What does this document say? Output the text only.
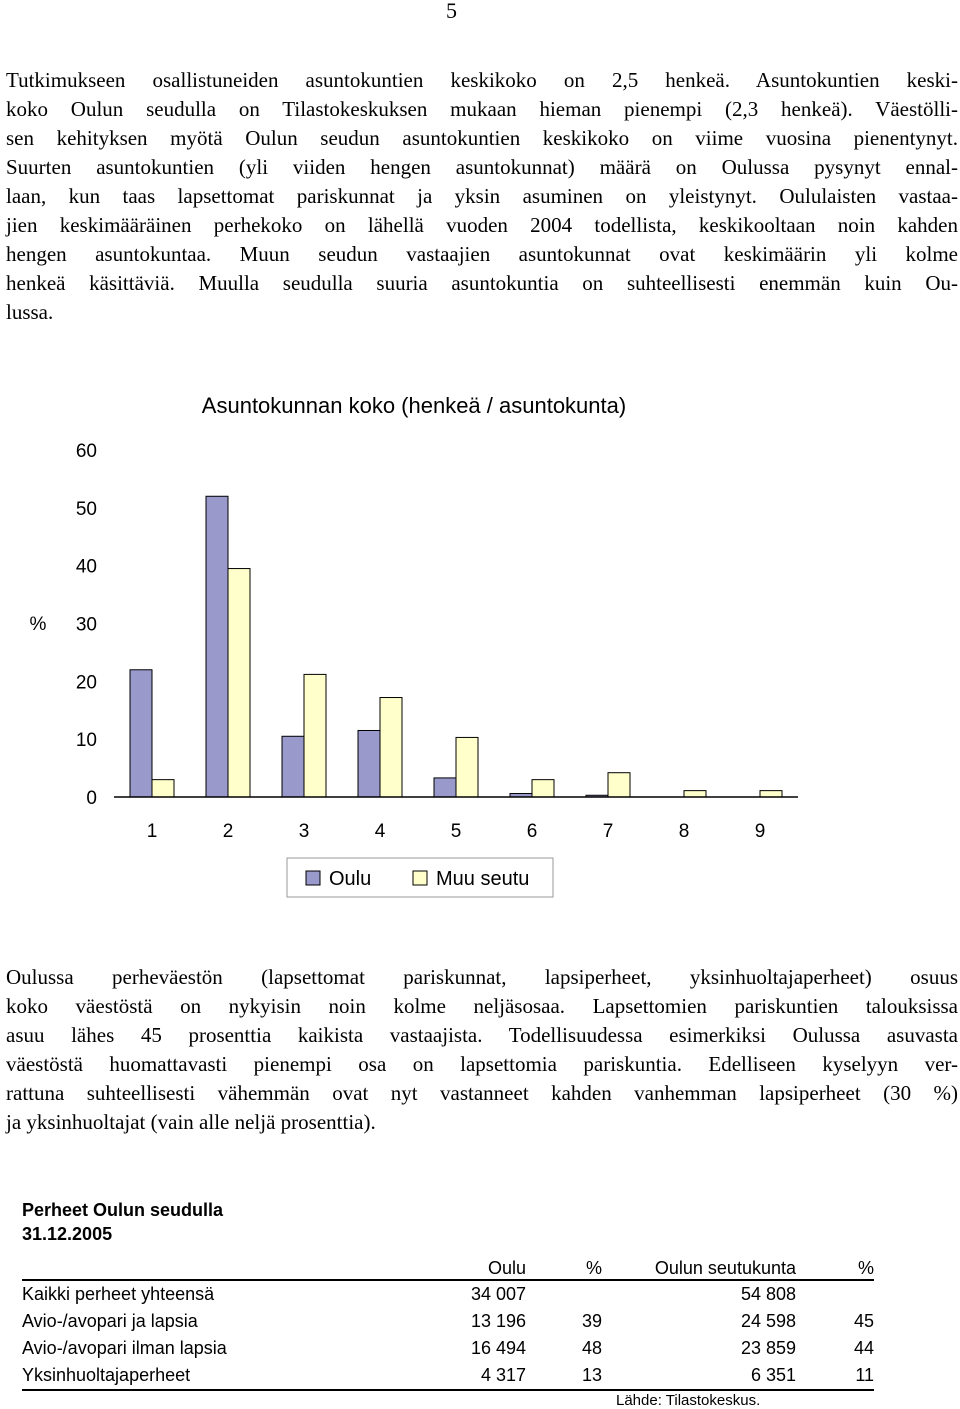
5
Tutkimukseen osallistuneiden asuntokuntien keskikoko on 2,5 henkeä. Asuntokuntien keski-
koko Oulun seudulla on Tilastokeskuksen mukaan hieman pienempi (2,3 henkeä). Väestölli-
sen kehityksen myötä Oulun seudun asuntokuntien keskikoko on viime vuosina pienentynyt.
Suurten asuntokuntien (yli viiden hengen asuntokunnat) määrä on Oulussa pysynyt ennal-
laan, kun taas lapsettomat pariskunnat ja yksin asuminen on yleistynyt. Oululaisten vastaa-
jien keskimääräinen perhekoko on lähellä vuoden 2004 todellista, keskikooltaan noin kahden
hengen asuntokuntaa. Muun seudun vastaajien asuntokunnat ovat keskimäärin yli kolme
henkeä käsittäviä. Muulla seudulla suuria asuntokuntia on suhteellisesti enemmän kuin Ou-
lussa.
Asuntokunnan koko (henkeä / asuntokunta)
%
0
10
20
30
40
50
60
1	2	3	4	5	6	7	8	9
Oulu	Muu seutu
Oulussa perheväestön (lapsettomat pariskunnat, lapsiperheet, yksinhuoltajaperheet) osuus
koko väestöstä on nykyisin noin kolme neljäsosaa. Lapsettomien pariskuntien talouksissa
asuu lähes 45 prosenttia kaikista vastaajista. Todellisuudessa esimerkiksi Oulussa asuvasta
väestöstä huomattavasti pienempi osa on lapsettomia pariskuntia. Edelliseen kyselyyn ver-
rattuna suhteellisesti vähemmän ovat nyt vastanneet kahden vanhemman lapsiperheet (30 %)
ja yksinhuoltajat (vain alle neljä prosenttia).
Perheet Oulun seudulla
31.12.2005
	Oulu	%	Oulun seutukunta	%
Kaikki perheet yhteensä	34 007		54 808	
Avio-/avopari ja lapsia	13 196	39	24 598	45
Avio-/avopari ilman lapsia	16 494	48	23 859	44
Yksinhuoltajaperheet	4 317	13	6 351	11
Lähde: Tilastokeskus.
